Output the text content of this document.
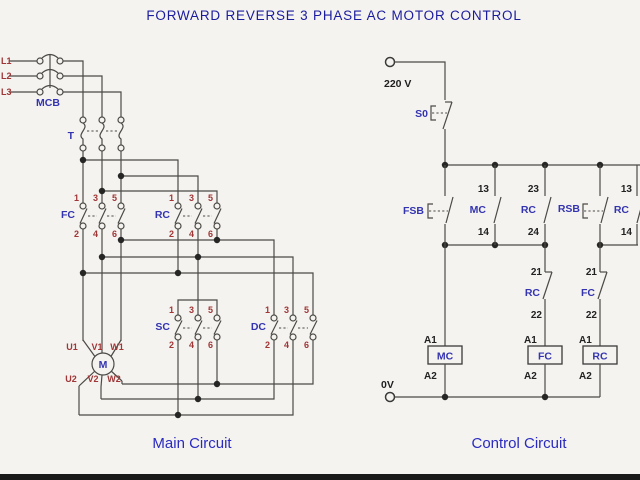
FORWARD REVERSE 3 PHASE AC MOTOR CONTROL
L1
L2
L3
MCB
T
FC
1 3 5
2 4 6
RC
1 3 5
2 4 6
SC
1 3 5
2 4 6
DC
1 3 5
2 4 6
M
U1 V1 W1
U2 V2 W2
Main Circuit
220 V
S0
FSB
13
MC
14
23
RC
24
RSB
13
RC
14
MC
A1
A2
21
RC
22
FC
A1
A2
21
FC
22
RC
A1
A2
0V
Control Circuit
